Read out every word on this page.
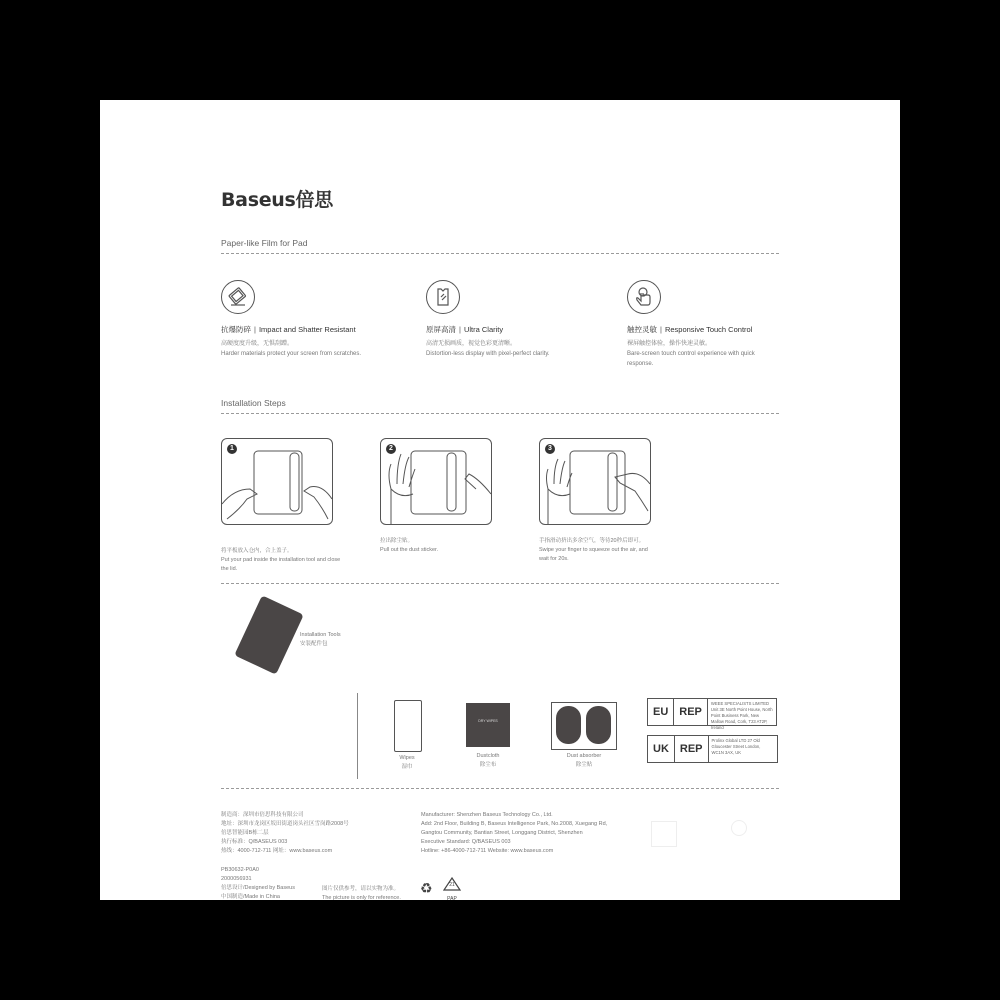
Baseus倍思
Paper-like Film for Pad
抗爆防碎 | Impact and Shatter Resistant
高硬度度升级，无惧刮蹭。
Harder materials protect your screen from scratches.
原屏高清 | Ultra Clarity
高清无损画质，视觉色彩更清晰。
Distortion-less display with pixel-perfect clarity.
触控灵敏 | Responsive Touch Control
裸屏触控体验，操作快速灵敏。
Bare-screen touch control experience with quick response.
Installation Steps
1
将平板放入仓内，合上盖子。
Put your pad inside the installation tool and close the lid.
2
拉出除尘贴。
Pull out the dust sticker.
3
手指滑动挤出多余空气，等待20秒后即可。
Swipe your finger to squeeze out the air, and wait for 20s.
Installation Tools
安装配件包
Wipes
湿巾
DRY WIPES
Dustcloth
除尘布
Dust absorber
除尘贴
EU	REP
WEEE SPECIALISTS LIMITED Unit 3E North Point House, North Point Business Park, New Mallow Road, Cork, T23 AT2P, Ireland
UK	REP
Prolinx Global LTD 27 Old Gloucester Street London, WC1N 3AX, UK
制造商：深圳市倍思科技有限公司
地址：深圳市龙岗区坂田街道岗头社区雪岗路2008号
倍思智能园B栋二层
执行标准：Q/BASEUS 003
热线：4000-712-711 网址：www.baseus.com
Manufacturer: Shenzhen Baseus Technology Co., Ltd.
Add: 2nd Floor, Building B, Baseus Intelligence Park, No.2008, Xuegang Rd,
Gangtou Community, Bantian Street, Longgang District, Shenzhen
Executive Standard: Q/BASEUS 003
Hotline: +86-4000-712-711 Website: www.baseus.com
PB30632-P0A0
2000056931
倍思设计/Designed by Baseus
中国制造/Made in China
图片仅供参考，请以实物为准。
The picture is only for reference.
♻	21
PAP
